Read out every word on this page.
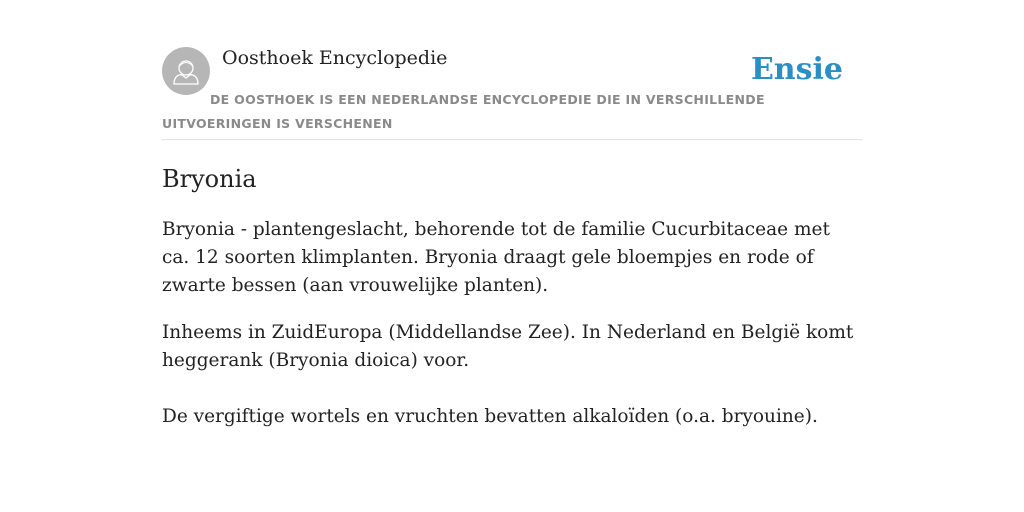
Oosthoek Encyclopedie	Ensie
DE OOSTHOEK IS EEN NEDERLANDSE ENCYCLOPEDIE DIE IN VERSCHILLENDE UITVOERINGEN IS VERSCHENEN
Bryonia

Bryonia - plantengeslacht, behorende tot de familie Cucurbitaceae met ca. 12 soorten klimplanten. Bryonia draagt gele bloempjes en rode of zwarte bessen (aan vrouwelijke planten).

Inheems in ZuidEuropa (Middellandse Zee). In Nederland en België komt heggerank (Bryonia dioica) voor.

De vergiftige wortels en vruchten bevatten alkaloïden (o.a. bryouine).
